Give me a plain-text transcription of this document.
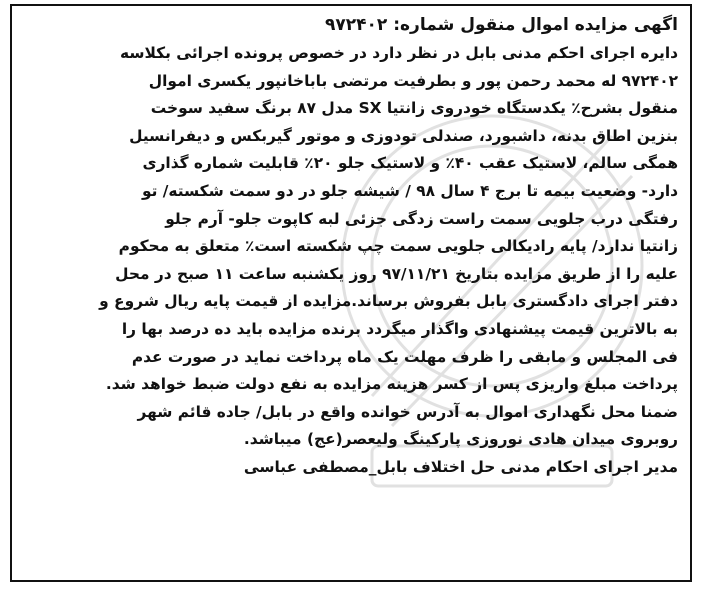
اگهی مزایده اموال منقول شماره: ۹۷۲۴۰۲
دایره اجرای احکم مدنی بابل در نظر دارد در خصوص پرونده اجرائی بکلاسه
۹۷۲۴۰۲ له محمد رحمن پور و بطرفیت مرتضی باباخانپور یکسری اموال
منقول بشرح٪ یکدستگاه خودروی زانتیا SX مدل ۸۷ برنگ سفید سوخت
بنزین اطاق بدنه، داشبورد، صندلی تودوزی و موتور گیربکس و دیفرانسیل
همگی سالم، لاستیک عقب ۴۰٪ و لاستیک جلو ۲۰٪ قابلیت شماره گذاری
دارد- وضعیت بیمه تا برج ۴ سال ۹۸ / شیشه جلو در دو سمت شکسته/ تو
رفتگی درب جلویی سمت راست زدگی جزئی لبه کاپوت جلو- آرم جلو
زانتیا ندارد/ پایه رادیکالی جلویی سمت چپ شکسته است٪ متعلق به محکوم
علیه را از طریق مزایده بتاریخ ۹۷/۱۱/۲۱ روز یکشنبه ساعت ۱۱ صبح در محل
دفتر اجرای دادگستری بابل بفروش برساند.مزایده از قیمت پایه ریال شروع و
به بالاترین قیمت پیشنهادی واگذار میگردد برنده مزایده باید ده درصد بها را
فی المجلس و مابقی را ظرف مهلت یک ماه پرداخت نماید در صورت عدم
پرداخت مبلغ واریزی پس از کسر هزینه مزایده به نفع دولت ضبط خواهد شد.
ضمنا محل نگهداری اموال به آدرس خوانده واقع در بابل/ جاده قائم شهر
روبروی میدان هادی نوروزی پارکینگ ولیعصر(عج) میباشد.
مدیر اجرای احکام مدنی حل اختلاف بابل_مصطفی عباسی
